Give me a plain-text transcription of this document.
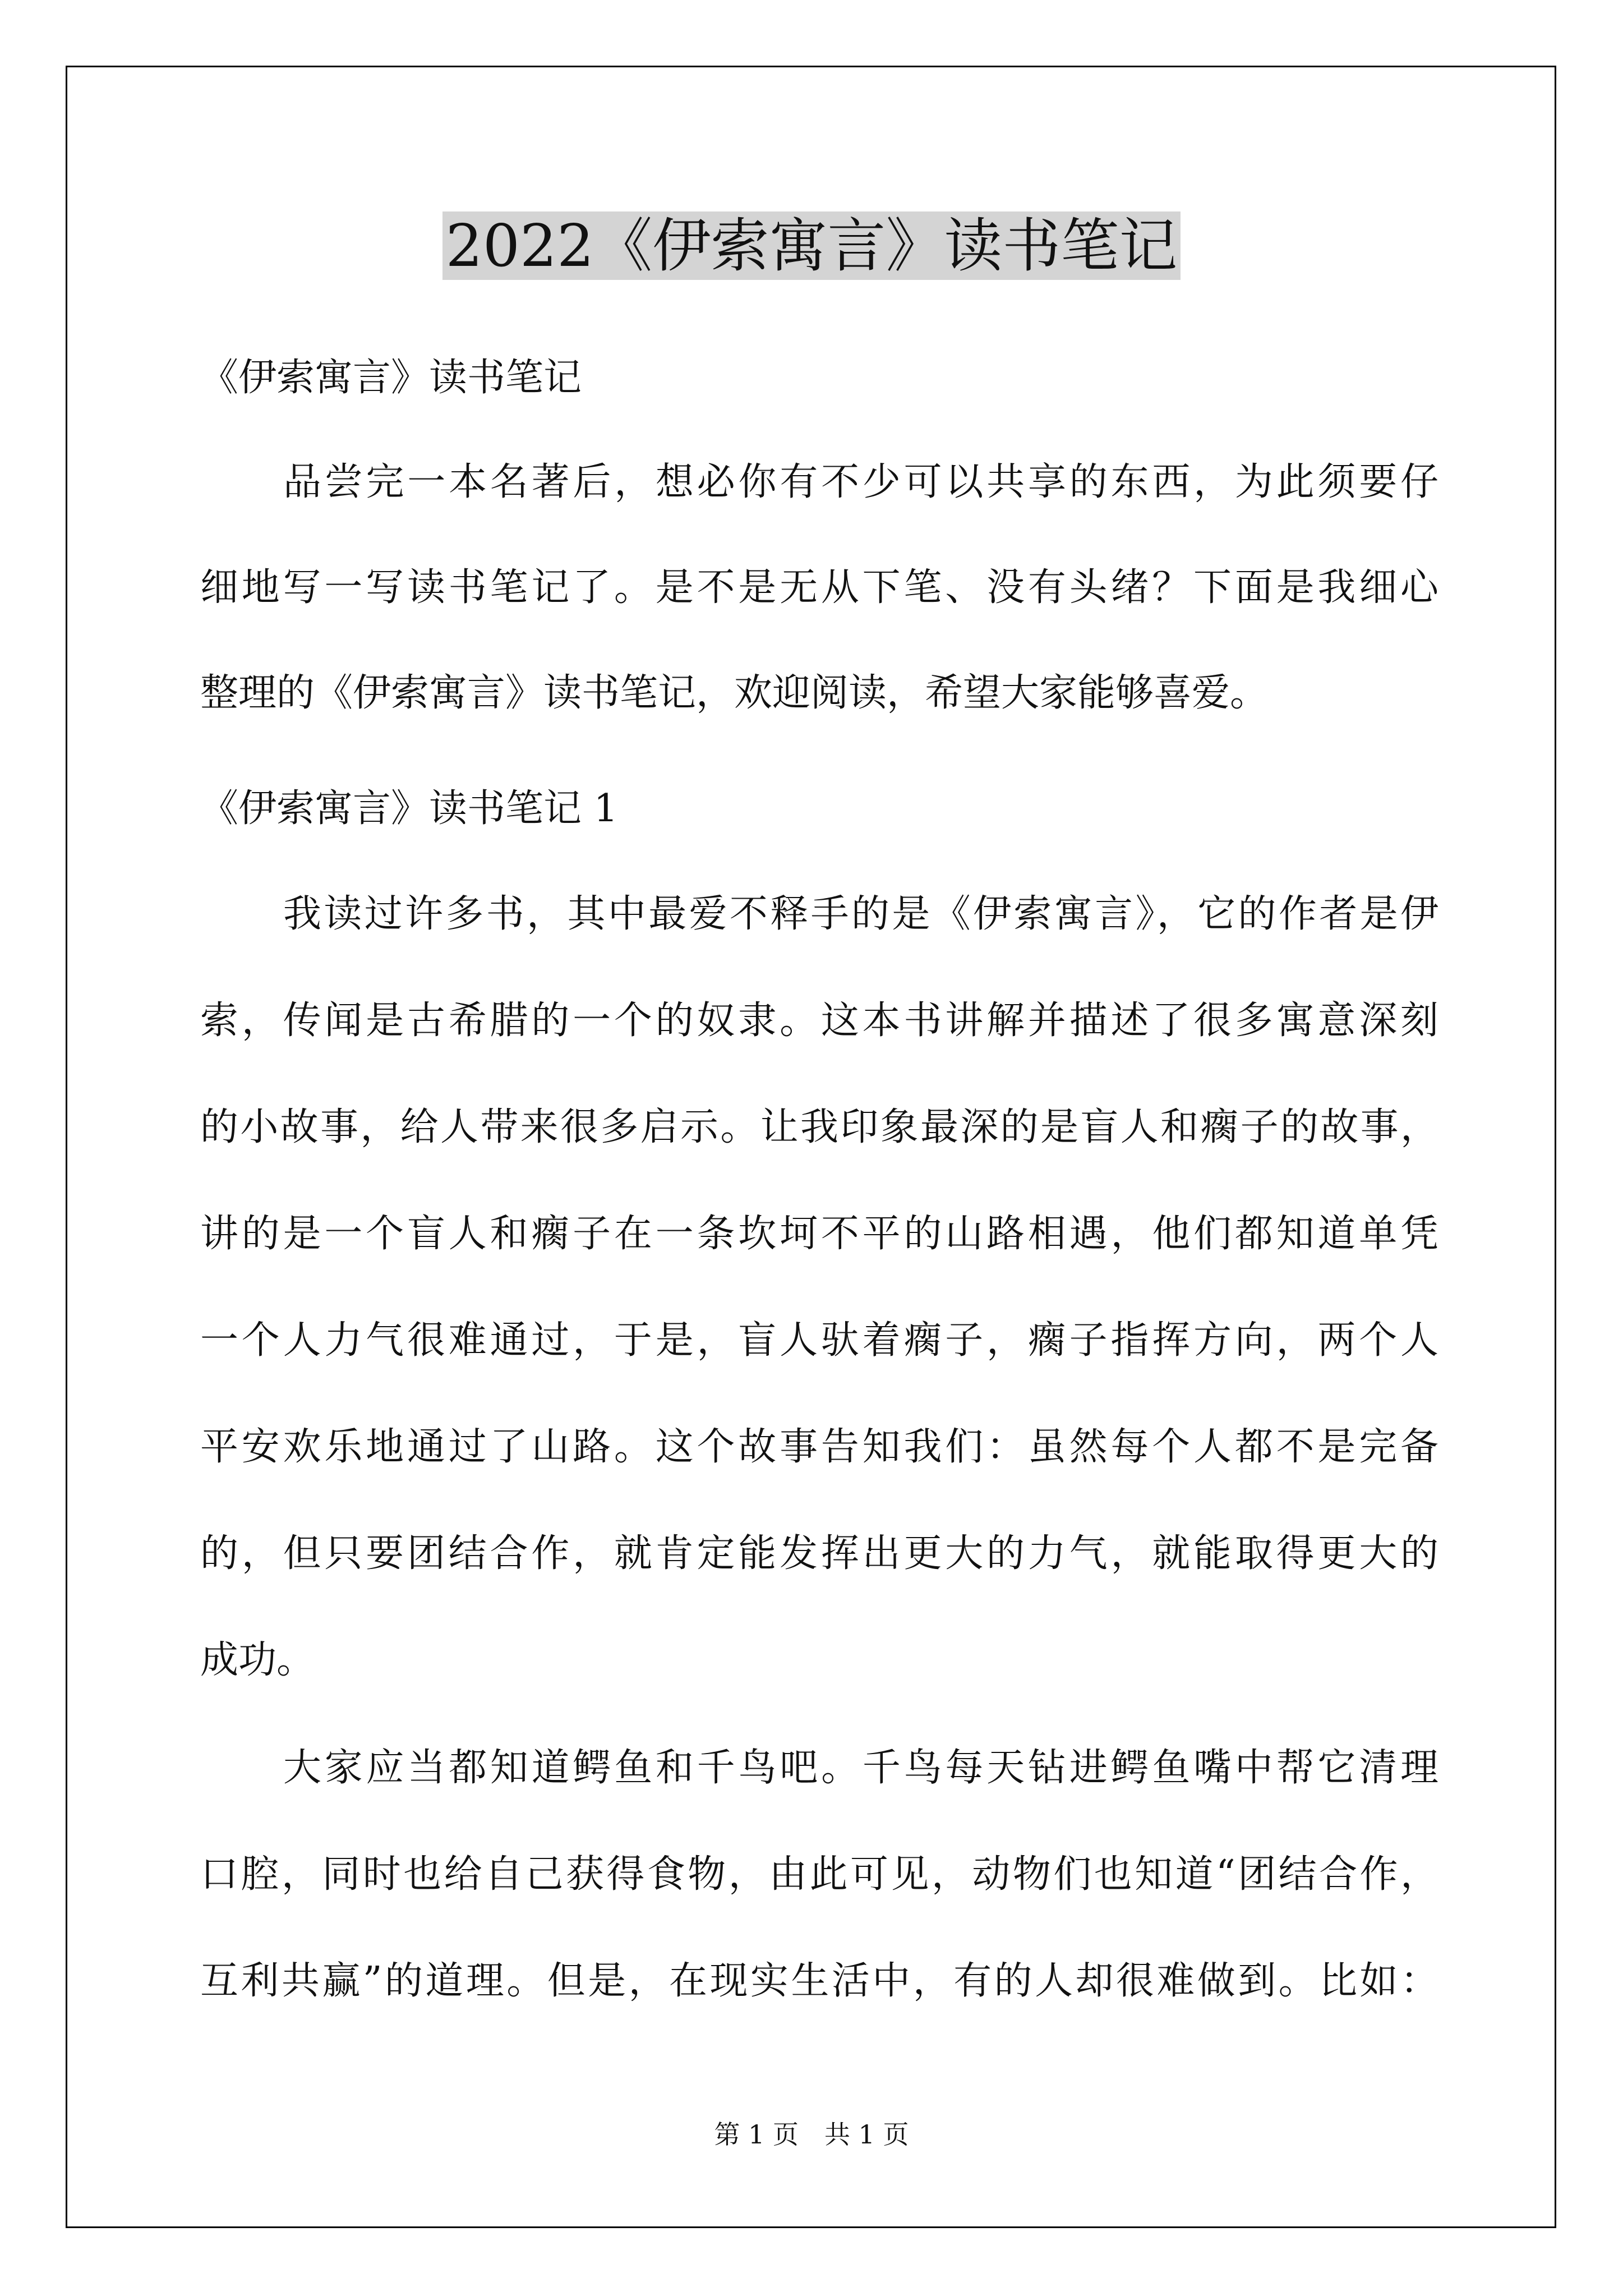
2022《伊索寓言》读书笔记
《伊索寓言》读书笔记
品尝完一本名著后，想必你有不少可以共享的东西，为此须要仔
细地写一写读书笔记了。是不是无从下笔、没有头绪？下面是我细心
整理的《伊索寓言》读书笔记，欢迎阅读，希望大家能够喜爱。
《伊索寓言》读书笔记 1
我读过许多书，其中最爱不释手的是《伊索寓言》，它的作者是伊
索，传闻是古希腊的一个的奴隶。这本书讲解并描述了很多寓意深刻
的小故事，给人带来很多启示。让我印象最深的是盲人和瘸子的故事，
讲的是一个盲人和瘸子在一条坎坷不平的山路相遇，他们都知道单凭
一个人力气很难通过，于是，盲人驮着瘸子，瘸子指挥方向，两个人
平安欢乐地通过了山路。这个故事告知我们：虽然每个人都不是完备
的，但只要团结合作，就肯定能发挥出更大的力气，就能取得更大的
成功。
大家应当都知道鳄鱼和千鸟吧。千鸟每天钻进鳄鱼嘴中帮它清理
口腔，同时也给自己获得食物，由此可见，动物们也知道“团结合作，
互利共赢”的道理。但是，在现实生活中，有的人却很难做到。比如：
第 1 页　共 1 页
